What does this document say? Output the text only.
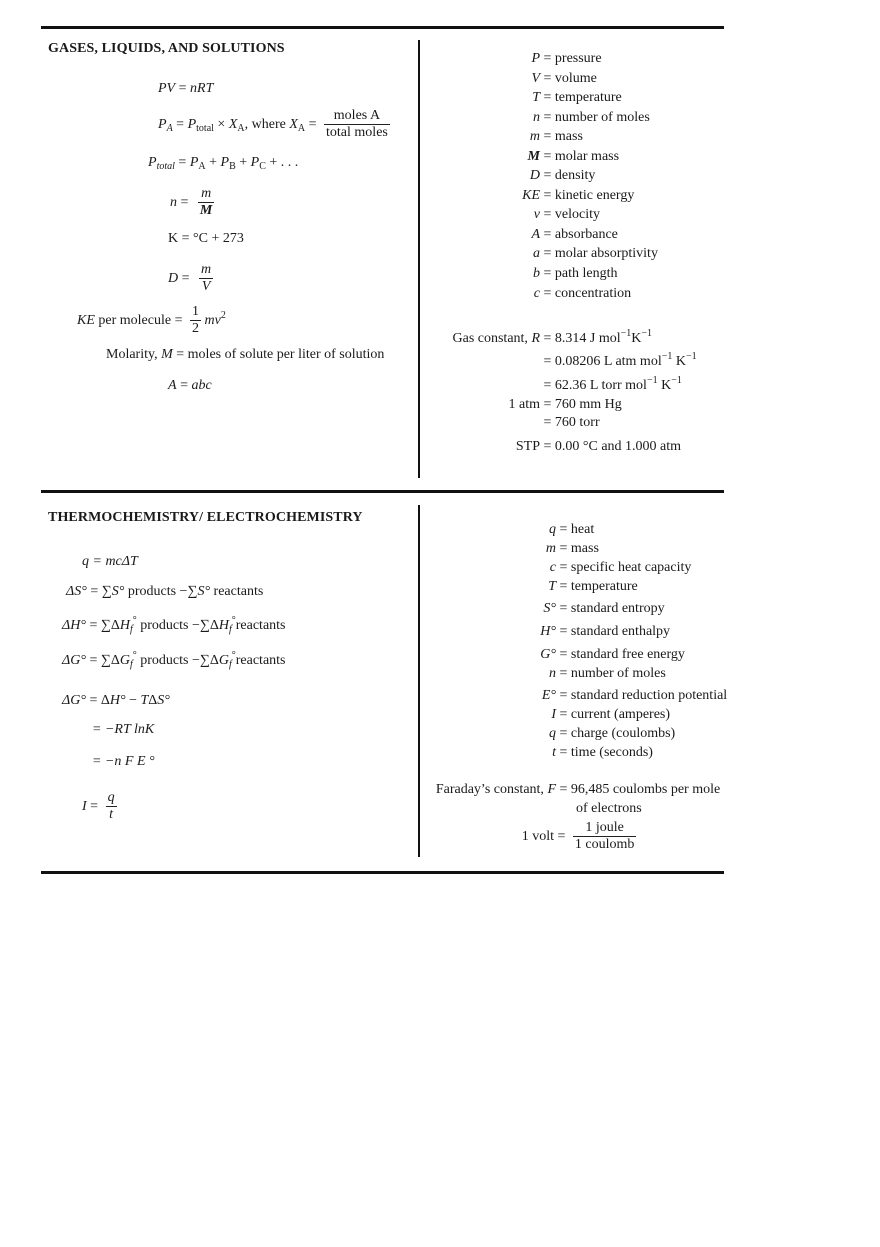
GASES, LIQUIDS, AND SOLUTIONS
PV = nRT
$P_A = P_{total} \times X_A$, where $X_A = \frac{\text{moles A}}{\text{total moles}}$
$P_{total} = P_A + P_B + P_C$ + . . .
$n = \frac{m}{M}$
K = °C + 273
$D = \frac{m}{V}$
KE per molecule = $\frac{1}{2} mv^2$
Molarity, M = moles of solute per liter of solution
A = abc
P = pressure
V = volume
T = temperature
n = number of moles
m = mass
M = molar mass
D = density
KE = kinetic energy
v = velocity
A = absorbance
a = molar absorptivity
b = path length
c = concentration
Gas constant, R = 8.314 J $mol^{-1}K^{-1}$
= 0.08206 L atm mol$^{-1}$ $K^{-1}$
= 62.36 L torr mol$^{-1}$ $K^{-1}$
1 atm = 760 mm Hg
= 760 torr
STP = 0.00 °C and 1.000 atm
THERMOCHEMISTRY/ ELECTROCHEMISTRY
q = mcΔT
ΔS° = ∑S° products −∑S° reactants
$\Delta H^\circ = \sum\Delta H_f^\circ$ products $-\sum\Delta H_f^\circ reactants$
$\Delta G^\circ = \sum\Delta G_f^\circ$ products $-\sum\Delta G_f^\circ reactants$
ΔG° = ΔH° − TΔS°
= −RT lnK
= −n F E °
$I = \frac{q}{t}$
q = heat
m = mass
c = specific heat capacity
T = temperature
S° = standard entropy
H° = standard enthalpy
G° = standard free energy
n = number of moles
E° = standard reduction potential
I = current (amperes)
q = charge (coulombs)
t = time (seconds)
Faraday’s constant, F = 96,485 coulombs per mole
of electrons
1 volt = $\frac{\text{1 joule}}{\text{1 coulomb}}$
